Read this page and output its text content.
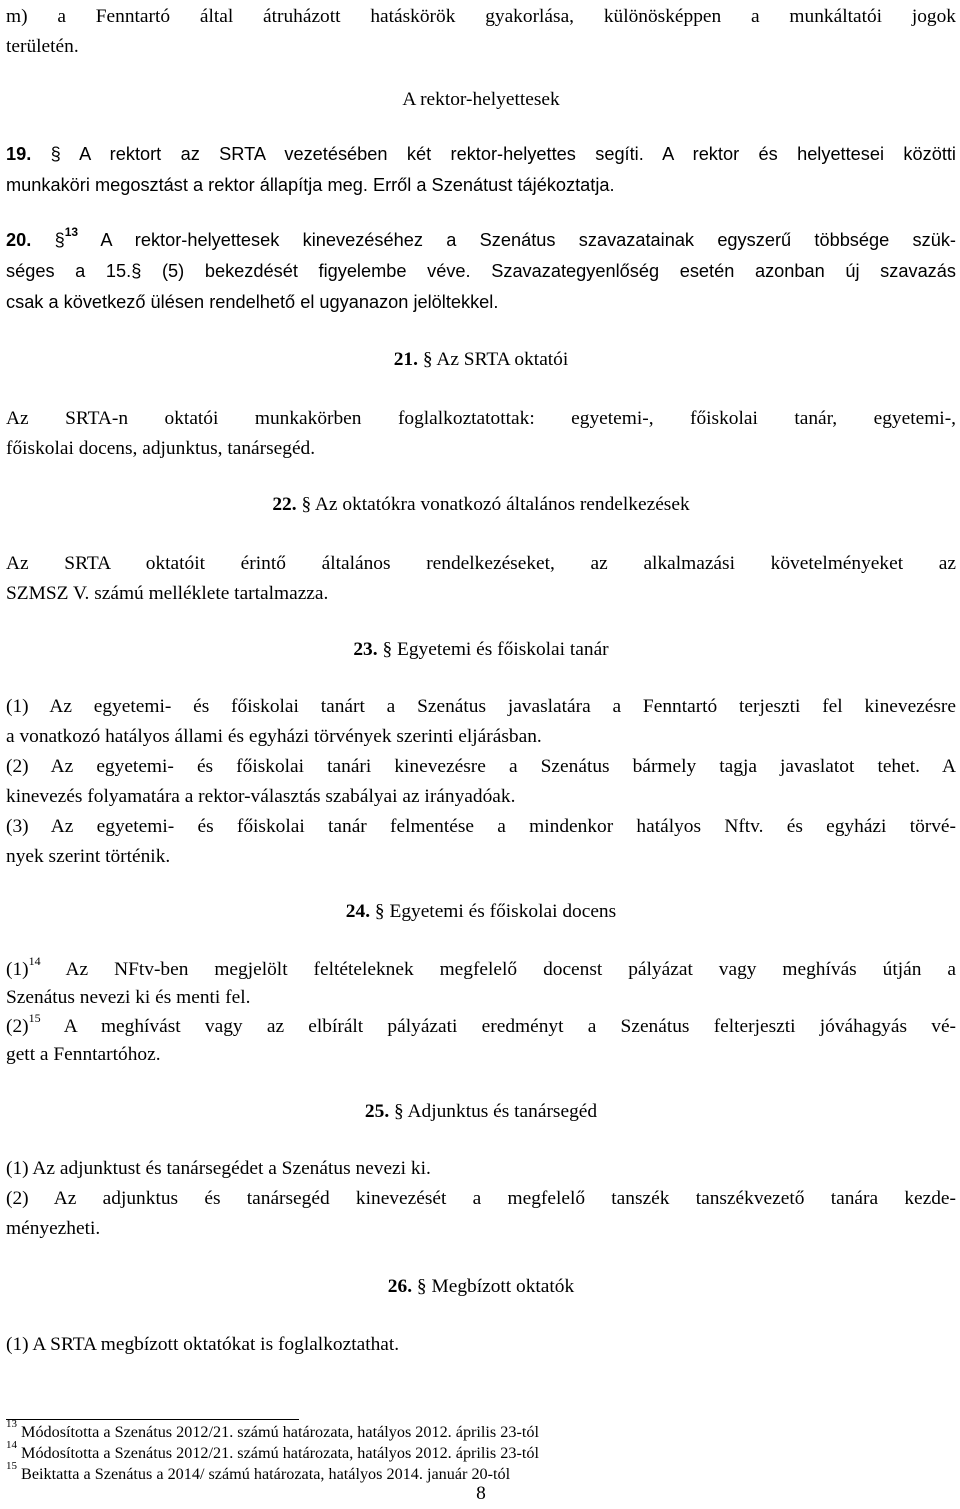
m) a Fenntartó által átruházott hatáskörök gyakorlása, különösképpen a munkáltatói jogok
területén.
A rektor-helyettesek
19. § A rektort az SRTA vezetésében két rektor-helyettes segíti. A rektor és helyettesei közötti
munkaköri megosztást a rektor állapítja meg. Erről a Szenátust tájékoztatja.
20. §$^{13}$ A rektor-helyettesek kinevezéséhez a Szenátus szavazatainak egyszerű többsége szük-
séges a 15.§ (5) bekezdését figyelembe véve. Szavazategyenlőség esetén azonban új szavazás
csak a következő ülésen rendelhető el ugyanazon jelöltekkel.
21. § Az SRTA oktatói
Az SRTA-n oktatói munkakörben foglalkoztatottak: egyetemi-, főiskolai tanár, egyetemi-,
főiskolai docens, adjunktus, tanársegéd.
22. § Az oktatókra vonatkozó általános rendelkezések
Az SRTA oktatóit érintő általános rendelkezéseket, az alkalmazási követelményeket az
SZMSZ V. számú melléklete tartalmazza.
23. § Egyetemi és főiskolai tanár
(1) Az egyetemi- és főiskolai tanárt a Szenátus javaslatára a Fenntartó terjeszti fel kinevezésre
a vonatkozó hatályos állami és egyházi törvények szerinti eljárásban.
(2) Az egyetemi- és főiskolai tanári kinevezésre a Szenátus bármely tagja javaslatot tehet. A
kinevezés folyamatára a rektor-választás szabályai az irányadóak.
(3) Az egyetemi- és főiskolai tanár felmentése a mindenkor hatályos Nftv. és egyházi törvé-
nyek szerint történik.
24. § Egyetemi és főiskolai docens
$(1)^{14}$ Az NFtv-ben megjelölt feltételeknek megfelelő docenst pályázat vagy meghívás útján a
Szenátus nevezi ki és menti fel.
$(2)^{15}$ A meghívást vagy az elbírált pályázati eredményt a Szenátus felterjeszti jóváhagyás vé-
gett a Fenntartóhoz.
25. § Adjunktus és tanársegéd
(1) Az adjunktust és tanársegédet a Szenátus nevezi ki.
(2) Az adjunktus és tanársegéd kinevezését a megfelelő tanszék tanszékvezető tanára kezde-
ményezheti.
26. § Megbízott oktatók
(1) A SRTA megbízott oktatókat is foglalkoztathat.
$^{13}$ Módosította a Szenátus 2012/21. számú határozata, hatályos 2012. április 23-tól
$^{14}$ Módosította a Szenátus 2012/21. számú határozata, hatályos 2012. április 23-tól
$^{15}$ Beiktatta a Szenátus a 2014/ számú határozata, hatályos 2014. január 20-tól
8
